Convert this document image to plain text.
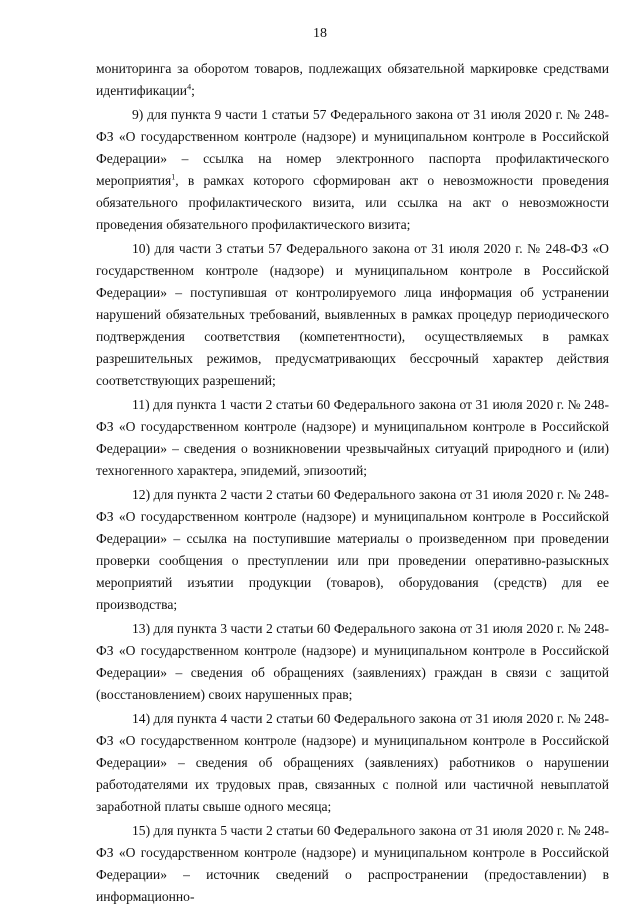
18

мониторинга за оборотом товаров, подлежащих обязательной маркировке средствами идентификации$^4$;

9) для пункта 9 части 1 статьи 57 Федерального закона от 31 июля 2020 г. № 248-ФЗ «О государственном контроле (надзоре) и муниципальном контроле в Российской Федерации» – ссылка на номер электронного паспорта профилактического мероприятия$^1$, в рамках которого сформирован акт о невозможности проведения обязательного профилактического визита, или ссылка на акт о невозможности проведения обязательного профилактического визита;

10) для части 3 статьи 57 Федерального закона от 31 июля 2020 г. № 248-ФЗ «О государственном контроле (надзоре) и муниципальном контроле в Российской Федерации» – поступившая от контролируемого лица информация об устранении нарушений обязательных требований, выявленных в рамках процедур периодического подтверждения соответствия (компетентности), осуществляемых в рамках разрешительных режимов, предусматривающих бессрочный характер действия соответствующих разрешений;

11) для пункта 1 части 2 статьи 60 Федерального закона от 31 июля 2020 г. № 248-ФЗ «О государственном контроле (надзоре) и муниципальном контроле в Российской Федерации» – сведения о возникновении чрезвычайных ситуаций природного и (или) техногенного характера, эпидемий, эпизоотий;

12) для пункта 2 части 2 статьи 60 Федерального закона от 31 июля 2020 г. № 248-ФЗ «О государственном контроле (надзоре) и муниципальном контроле в Российской Федерации» – ссылка на поступившие материалы о произведенном при проведении проверки сообщения о преступлении или при проведении оперативно-разыскных мероприятий изъятии продукции (товаров), оборудования (средств) для ее производства;

13) для пункта 3 части 2 статьи 60 Федерального закона от 31 июля 2020 г. № 248-ФЗ «О государственном контроле (надзоре) и муниципальном контроле в Российской Федерации» – сведения об обращениях (заявлениях) граждан в связи с защитой (восстановлением) своих нарушенных прав;

14) для пункта 4 части 2 статьи 60 Федерального закона от 31 июля 2020 г. № 248-ФЗ «О государственном контроле (надзоре) и муниципальном контроле в Российской Федерации» – сведения об обращениях (заявлениях) работников о нарушении работодателями их трудовых прав, связанных с полной или частичной невыплатой заработной платы свыше одного месяца;

15) для пункта 5 части 2 статьи 60 Федерального закона от 31 июля 2020 г. № 248-ФЗ «О государственном контроле (надзоре) и муниципальном контроле в Российской Федерации» – источник сведений о распространении (предоставлении) в информационно-
